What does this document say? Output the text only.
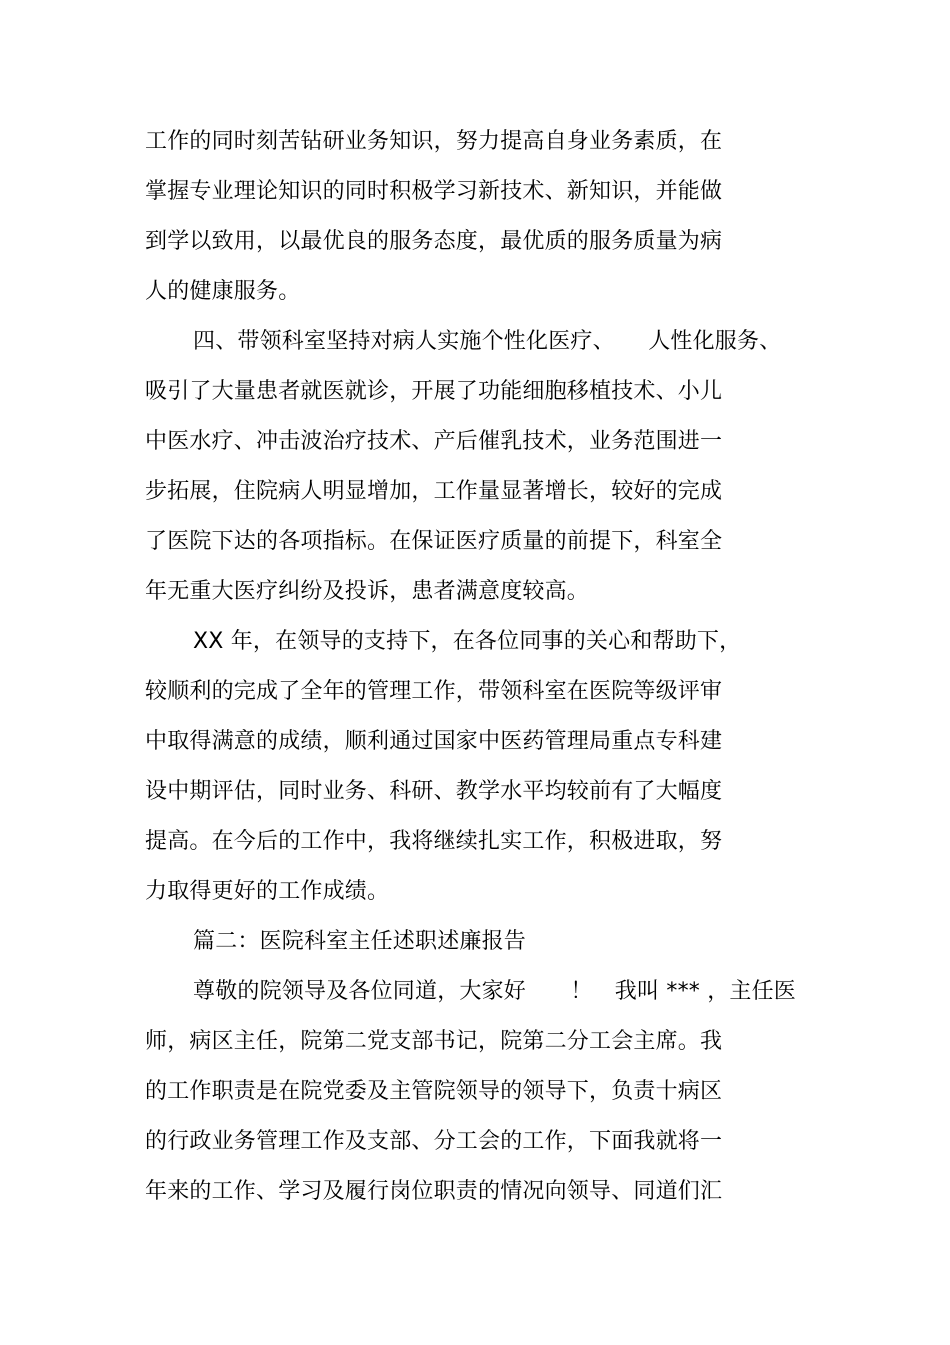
工作的同时刻苦钻研业务知识，努力提高自身业务素质，在
掌握专业理论知识的同时积极学习新技术、新知识，并能做
到学以致用，以最优良的服务态度，最优质的服务质量为病
人的健康服务。
四、带领科室坚持对病人实施个性化医疗、　　人性化服务、
吸引了大量患者就医就诊，开展了功能细胞移植技术、小儿
中医水疗、冲击波治疗技术、产后催乳技术，业务范围进一
步拓展，住院病人明显增加，工作量显著增长，较好的完成
了医院下达的各项指标。在保证医疗质量的前提下，科室全
年无重大医疗纠纷及投诉，患者满意度较高。
XX 年，在领导的支持下，在各位同事的关心和帮助下，
较顺利的完成了全年的管理工作，带领科室在医院等级评审
中取得满意的成绩，顺利通过国家中医药管理局重点专科建
设中期评估，同时业务、科研、教学水平均较前有了大幅度
提高。在今后的工作中，我将继续扎实工作，积极进取，努
力取得更好的工作成绩。
篇二：医院科室主任述职述廉报告
尊敬的院领导及各位同道，大家好　　！　我叫 *** ，主任医
师，病区主任，院第二党支部书记，院第二分工会主席。我
的工作职责是在院党委及主管院领导的领导下，负责十病区
的行政业务管理工作及支部、分工会的工作，下面我就将一
年来的工作、学习及履行岗位职责的情况向领导、同道们汇
